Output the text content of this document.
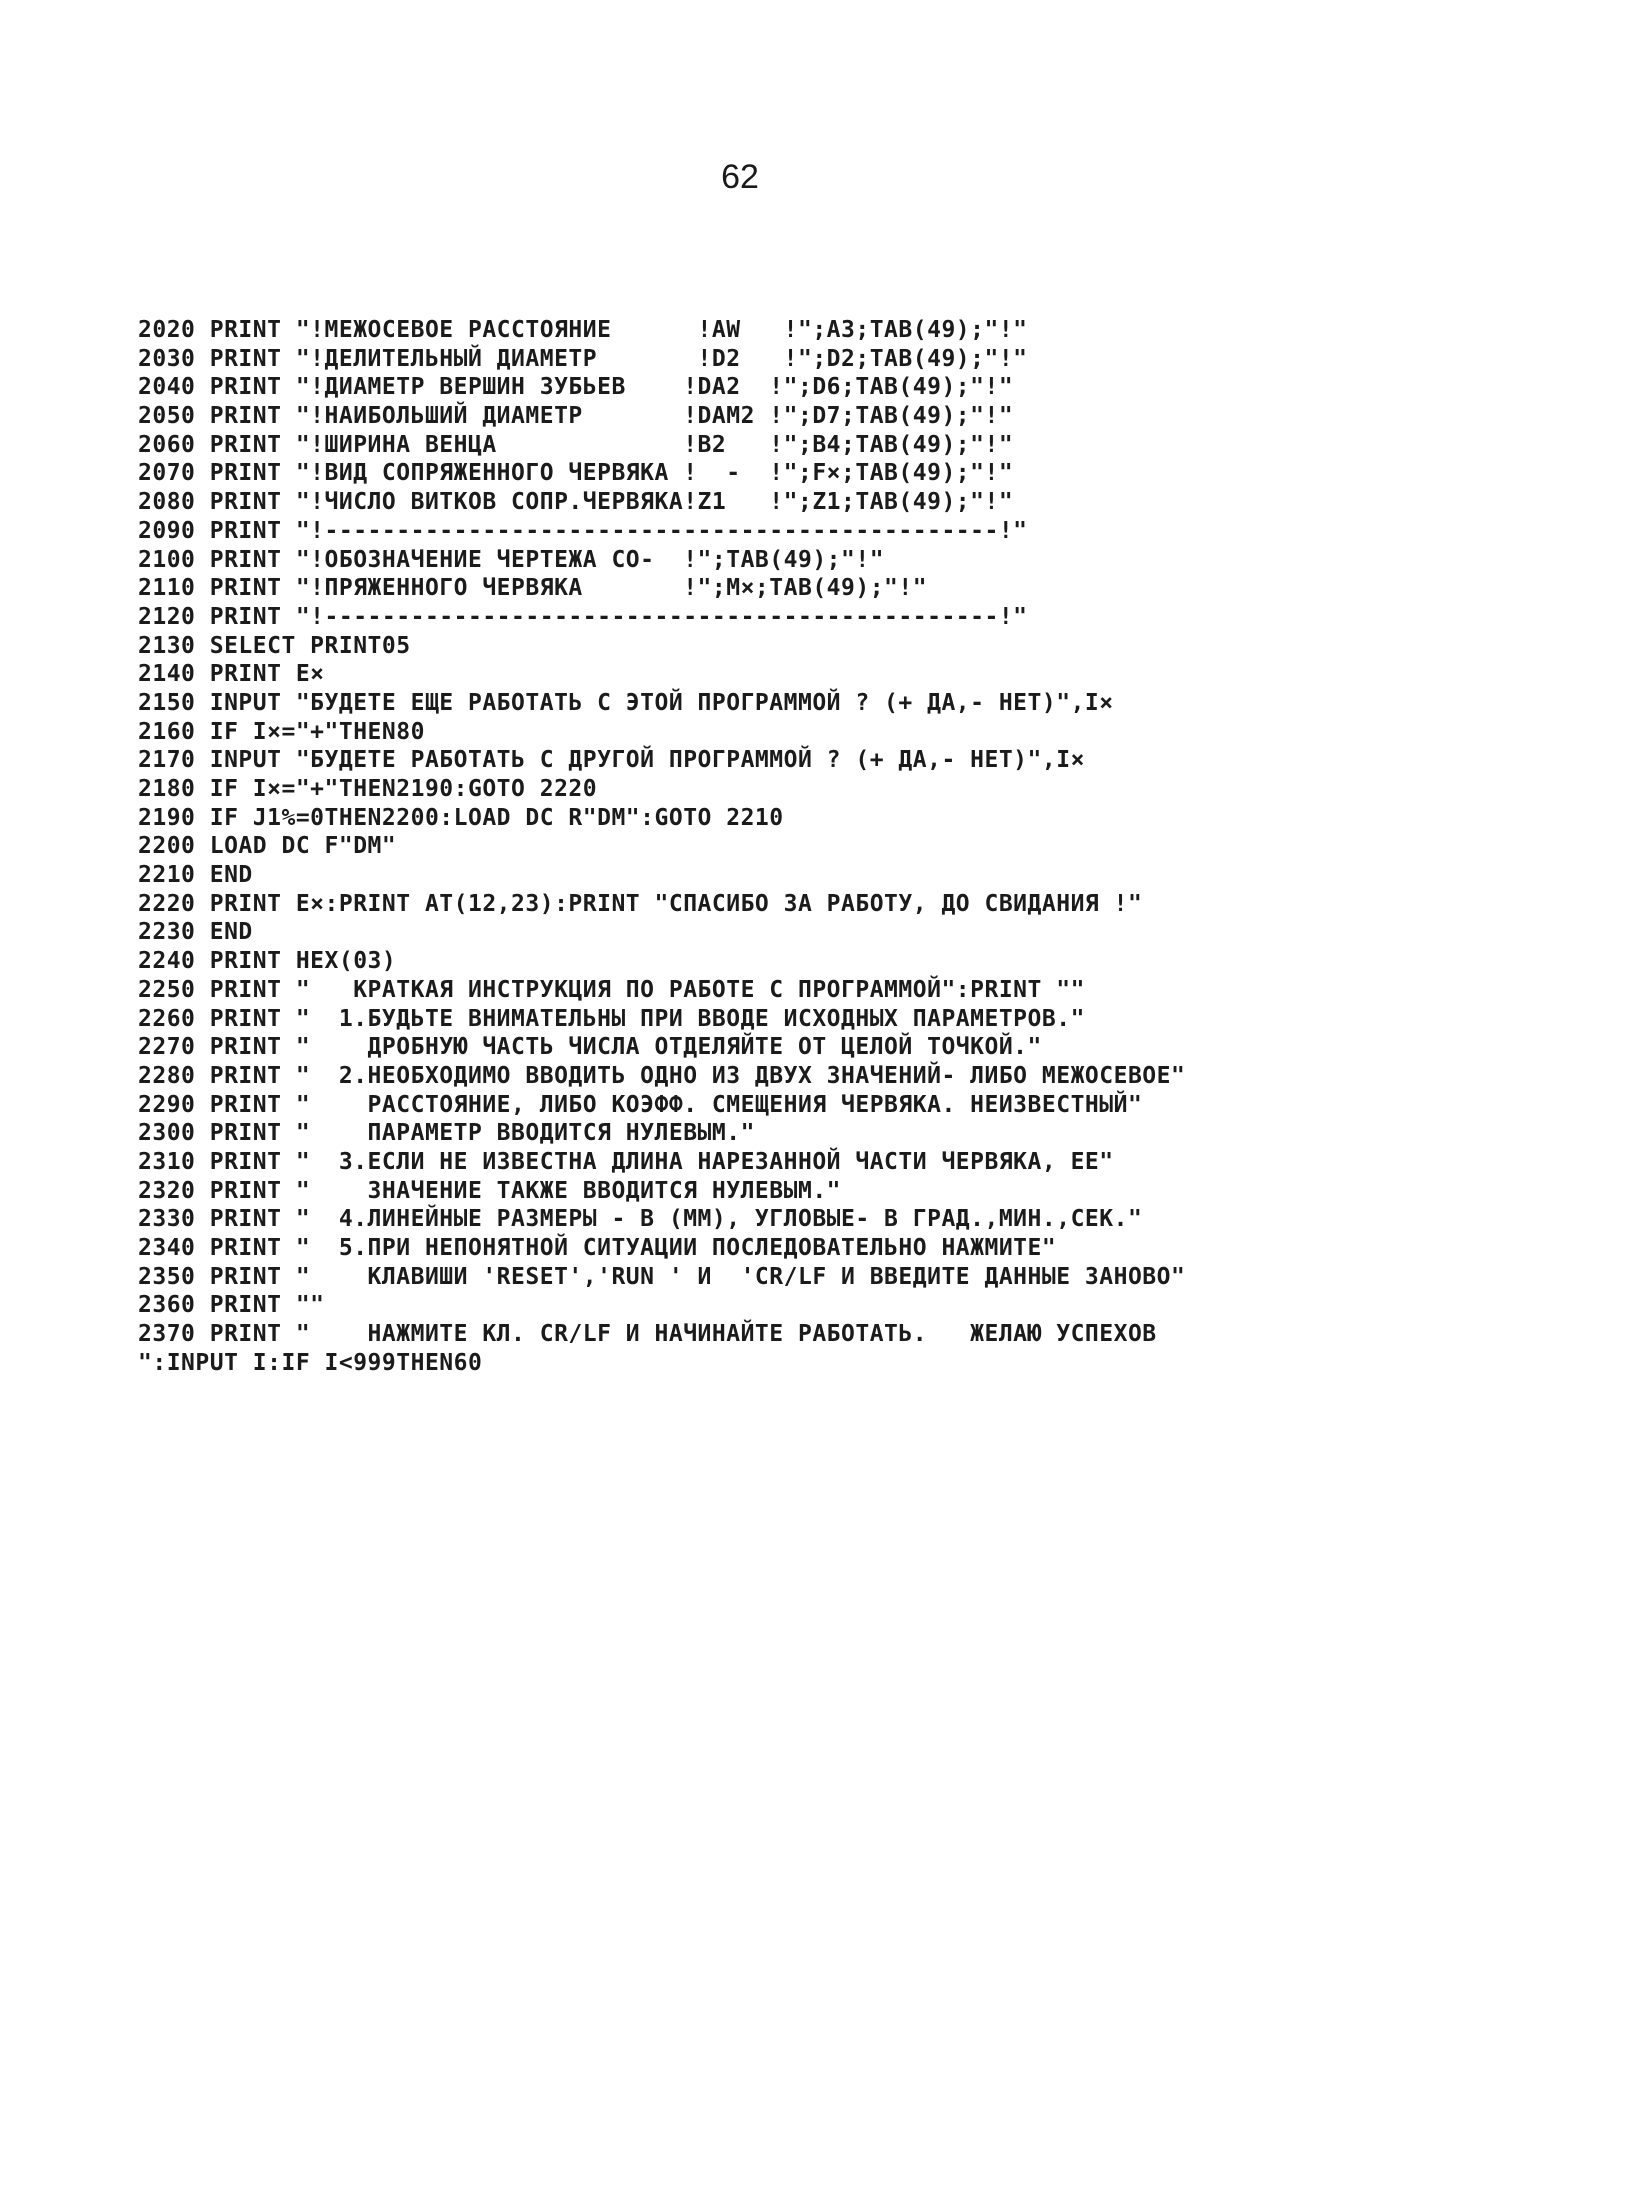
62
2020 PRINT "!МЕЖОСЕВОЕ РАССТОЯНИЕ      !AW   !";A3;TAB(49);"!"
2030 PRINT "!ДЕЛИТЕЛЬНЫЙ ДИАМЕТР       !D2   !";D2;TAB(49);"!"
2040 PRINT "!ДИАМЕТР ВЕРШИН ЗУБЬЕВ    !DA2  !";D6;TAB(49);"!"
2050 PRINT "!НАИБОЛЬШИЙ ДИАМЕТР       !DAM2 !";D7;TAB(49);"!"
2060 PRINT "!ШИРИНА ВЕНЦА             !B2   !";B4;TAB(49);"!"
2070 PRINT "!ВИД СОПРЯЖЕННОГО ЧЕРВЯКА !  -  !";F×;TAB(49);"!"
2080 PRINT "!ЧИСЛО ВИТКОВ СОПР.ЧЕРВЯКА!Z1   !";Z1;TAB(49);"!"
2090 PRINT "!-----------------------------------------------!"
2100 PRINT "!ОБОЗНАЧЕНИЕ ЧЕРТЕЖА СО-  !";TAB(49);"!"
2110 PRINT "!ПРЯЖЕННОГО ЧЕРВЯКА       !";M×;TAB(49);"!"
2120 PRINT "!-----------------------------------------------!"
2130 SELECT PRINT05
2140 PRINT E×
2150 INPUT "БУДЕТЕ ЕЩЕ РАБОТАТЬ С ЭТОЙ ПРОГРАММОЙ ? (+ ДА,- НЕТ)",I×
2160 IF I×="+"THEN80
2170 INPUT "БУДЕТЕ РАБОТАТЬ С ДРУГОЙ ПРОГРАММОЙ ? (+ ДА,- НЕТ)",I×
2180 IF I×="+"THEN2190:GOTO 2220
2190 IF J1%=0THEN2200:LOAD DC R"DM":GOTO 2210
2200 LOAD DC F"DM"
2210 END
2220 PRINT E×:PRINT AT(12,23):PRINT "СПАСИБО ЗА РАБОТУ, ДО СВИДАНИЯ !"
2230 END
2240 PRINT HEX(03)
2250 PRINT "   КРАТКАЯ ИНСТРУКЦИЯ ПО РАБОТЕ С ПРОГРАММОЙ":PRINT ""
2260 PRINT "  1.БУДЬТЕ ВНИМАТЕЛЬНЫ ПРИ ВВОДЕ ИСХОДНЫХ ПАРАМЕТРОВ."
2270 PRINT "    ДРОБНУЮ ЧАСТЬ ЧИСЛА ОТДЕЛЯЙТЕ ОТ ЦЕЛОЙ ТОЧКОЙ."
2280 PRINT "  2.НЕОБХОДИМО ВВОДИТЬ ОДНО ИЗ ДВУХ ЗНАЧЕНИЙ- ЛИБО МЕЖОСЕВОЕ"
2290 PRINT "    РАССТОЯНИЕ, ЛИБО КОЭФФ. СМЕЩЕНИЯ ЧЕРВЯКА. НЕИЗВЕСТНЫЙ"
2300 PRINT "    ПАРАМЕТР ВВОДИТСЯ НУЛЕВЫМ."
2310 PRINT "  3.ЕСЛИ НЕ ИЗВЕСТНА ДЛИНА НАРЕЗАННОЙ ЧАСТИ ЧЕРВЯКА, ЕЕ"
2320 PRINT "    ЗНАЧЕНИЕ ТАКЖЕ ВВОДИТСЯ НУЛЕВЫМ."
2330 PRINT "  4.ЛИНЕЙНЫЕ РАЗМЕРЫ - В (ММ), УГЛОВЫЕ- В ГРАД.,МИН.,СЕК."
2340 PRINT "  5.ПРИ НЕПОНЯТНОЙ СИТУАЦИИ ПОСЛЕДОВАТЕЛЬНО НАЖМИТЕ"
2350 PRINT "    КЛАВИШИ 'RESET','RUN ' И  'CR/LF И ВВЕДИТЕ ДАННЫЕ ЗАНОВО"
2360 PRINT ""
2370 PRINT "    НАЖМИТЕ КЛ. CR/LF И НАЧИНАЙТЕ РАБОТАТЬ.   ЖЕЛАЮ УСПЕХОВ
":INPUT I:IF I<999THEN60
